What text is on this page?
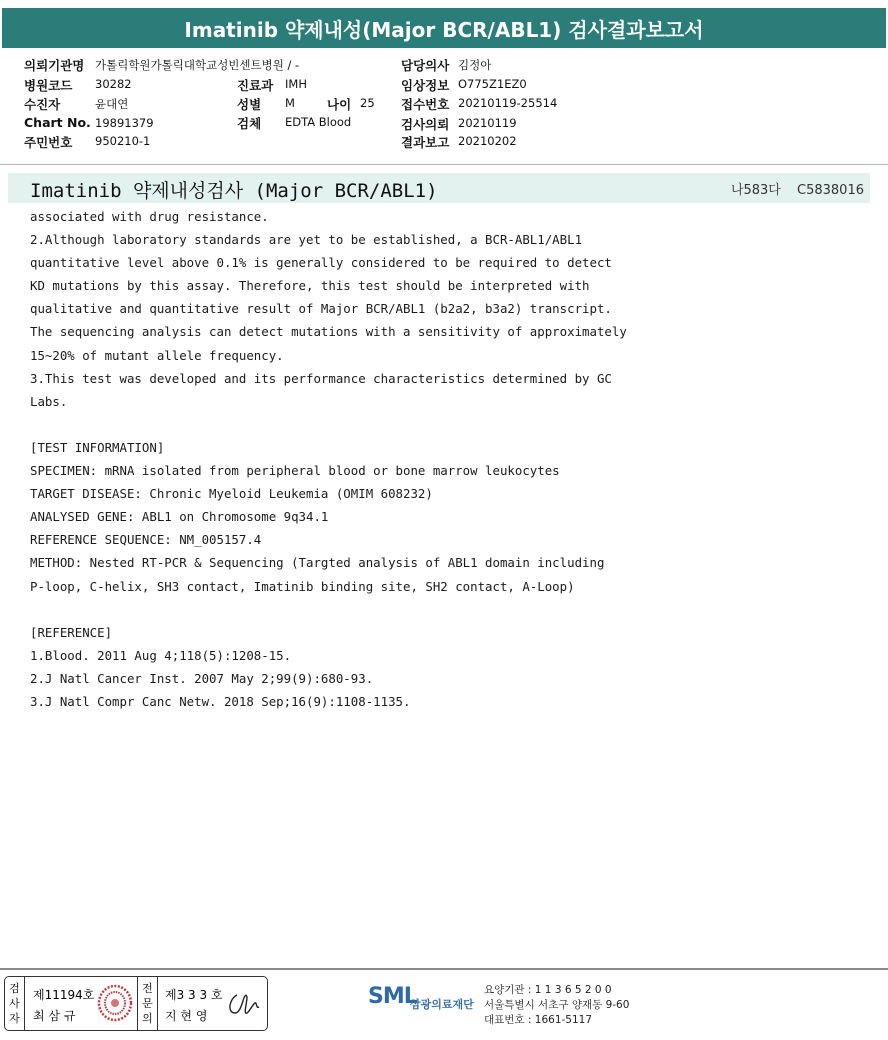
Imatinib 약제내성(Major BCR/ABL1) 검사결과보고서
의뢰기관명 가톨릭학원가톨릭대학교성빈센트병원 / -
병원코드 30282
수진자	윤대연
Chart No. 19891379
주민번호 950210-1
진료과 IMH
성별 M	나이 25
검체 EDTA Blood
담당의사 김정아
임상정보 O775Z1EZ0
접수번호 20210119-25514
검사의뢰 20210119
결과보고 20210202
Imatinib 약제내성검사 (Major BCR/ABL1)	나583다 C5838016
associated with drug resistance.
2.Although laboratory standards are yet to be established, a BCR-ABL1/ABL1
quantitative level above 0.1% is generally considered to be required to detect
KD mutations by this assay. Therefore, this test should be interpreted with
qualitative and quantitative result of Major BCR/ABL1 (b2a2, b3a2) transcript.
The sequencing analysis can detect mutations with a sensitivity of approximately
15~20% of mutant allele frequency.
3.This test was developed and its performance characteristics determined by GC
Labs.
[TEST INFORMATION]
SPECIMEN: mRNA isolated from peripheral blood or bone marrow leukocytes
TARGET DISEASE: Chronic Myeloid Leukemia (OMIM 608232)
ANALYSED GENE: ABL1 on Chromosome 9q34.1
REFERENCE SEQUENCE: NM_005157.4
METHOD: Nested RT-PCR & Sequencing (Targted analysis of ABL1 domain including
P-loop, C-helix, SH3 contact, Imatinib binding site, SH2 contact, A-Loop)
[REFERENCE]
1.Blood. 2011 Aug 4;118(5):1208-15.
2.J Natl Cancer Inst. 2007 May 2;99(9):680-93.
3.J Natl Compr Canc Netw. 2018 Sep;16(9):1108-1135.
검
사
자
제11194호
최 삼 규
전
문
의
제3 3 3 호
지 현 영
SML
삼광의료재단
요양기관 : 1 1 3 6 5 2 0 0
서울특별시 서초구 양재동 9-60
대표번호 : 1661-5117
